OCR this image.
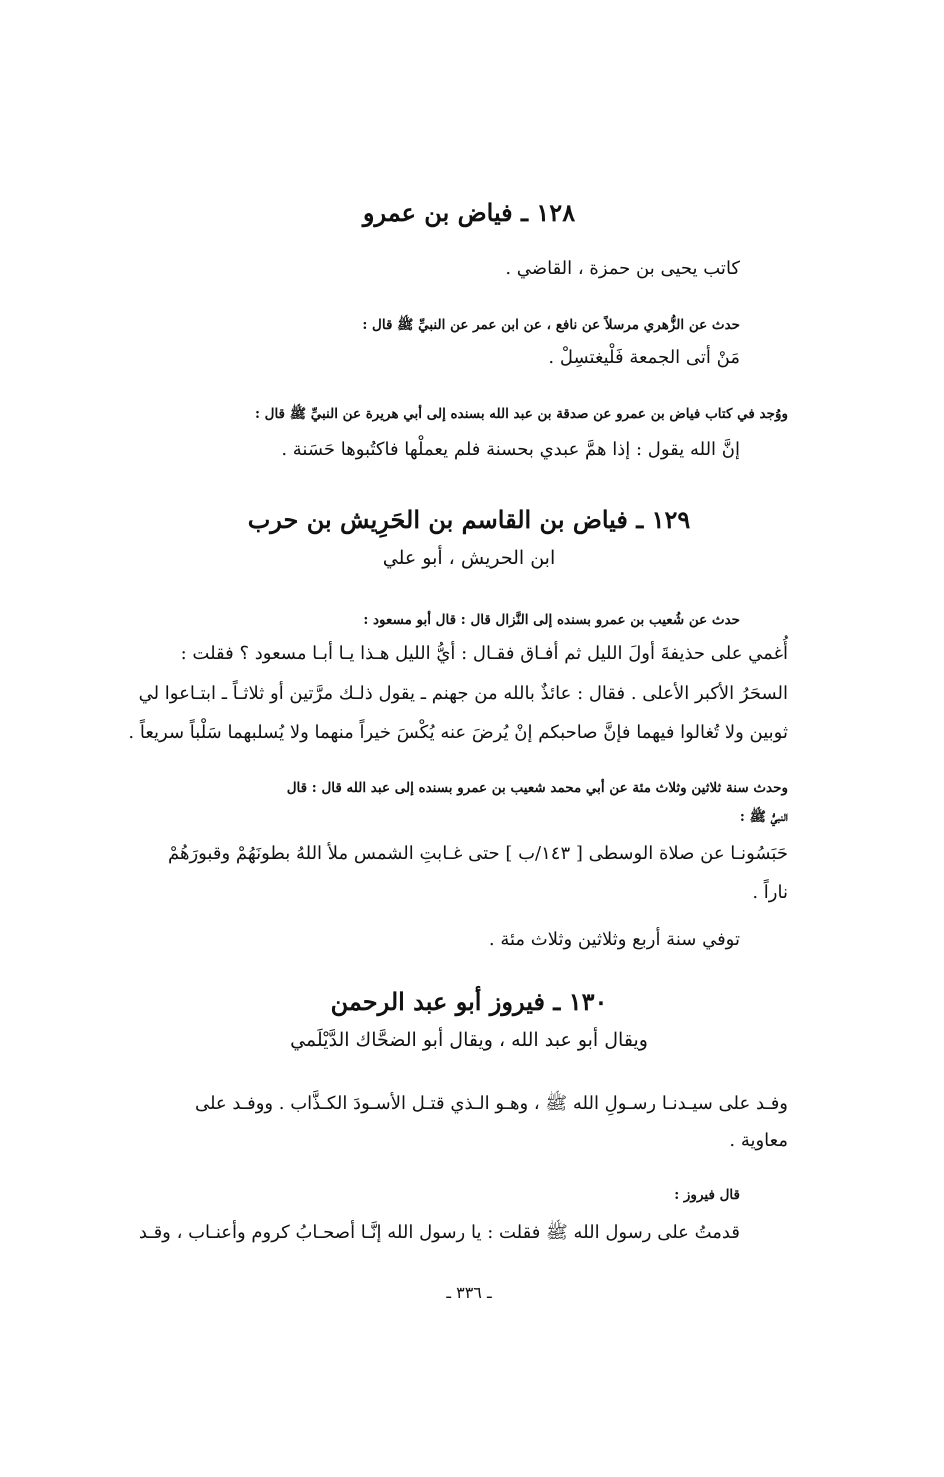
١٢٨ ـ فياض بن عمرو
كاتب يحيى بن حمزة ، القاضي .
حدث عن الزُّهري مرسلاً عن نافع ، عن ابن عمر عن النبيِّ ﷺ قال :
مَنْ أتى الجمعة فَلْيغتسِلْ .
ووُجد في كتاب فياض بن عمرو عن صدقة بن عبد الله بسنده إلى أبي هريرة عن النبيِّ ﷺ قال :
إنَّ الله يقول : إذا همَّ عبدي بحسنة فلم يعملْها فاكتُبوها حَسَنة .
١٢٩ ـ فياض بن القاسم بن الحَرِيش بن حرب
ابن الحريش ، أبو علي
حدث عن شُعيب بن عمرو بسنده إلى النَّزال قال : قال أبو مسعود :
أُغمي على حذيفةَ أولَ الليل ثم أفـاق فقـال : أيُّ الليل هـذا يـا أبـا مسعود ؟ فقلت :
السحَرُ الأكبر الأعلى . فقال : عائذٌ بالله من جهنم ـ يقول ذلـك مرَّتين أو ثلاثـاً ـ ابتـاعوا لي
ثوبين ولا تُغالوا فيهما فإنَّ صاحبكم إنْ يُرضَ عنه يُكْسَ خيراً منهما ولا يُسلبهما سَلْباً سريعاً .
وحدث سنة ثلاثين وثلاث مئة عن أبي محمد شعيب بن عمرو بسنده إلى عبد الله قال : قال
النبيُّ ﷺ :
حَبَسُونـا عن صلاة الوسطى [ ١٤٣/ب ] حتى غـابتِ الشمس ملأ اللهُ بطونَهُمْ وقبورَهُمْ
ناراً .
توفي سنة أربع وثلاثين وثلاث مئة .
١٣٠ ـ فيروز أبو عبد الرحمن
ويقال أبو عبد الله ، ويقال أبو الضحَّاك الدَّيْلَمي
وفـد على سيـدنـا رسـولِ الله ﷺ ، وهـو الـذي قتـل الأسـودَ الكـذَّاب . ووفـد على
معاوية .
قال فيروز :
قدمتُ على رسول الله ﷺ فقلت : يا رسول الله إنَّـا أصحـابُ كروم وأعنـاب ، وقـد
ـ ٣٣٦ ـ
